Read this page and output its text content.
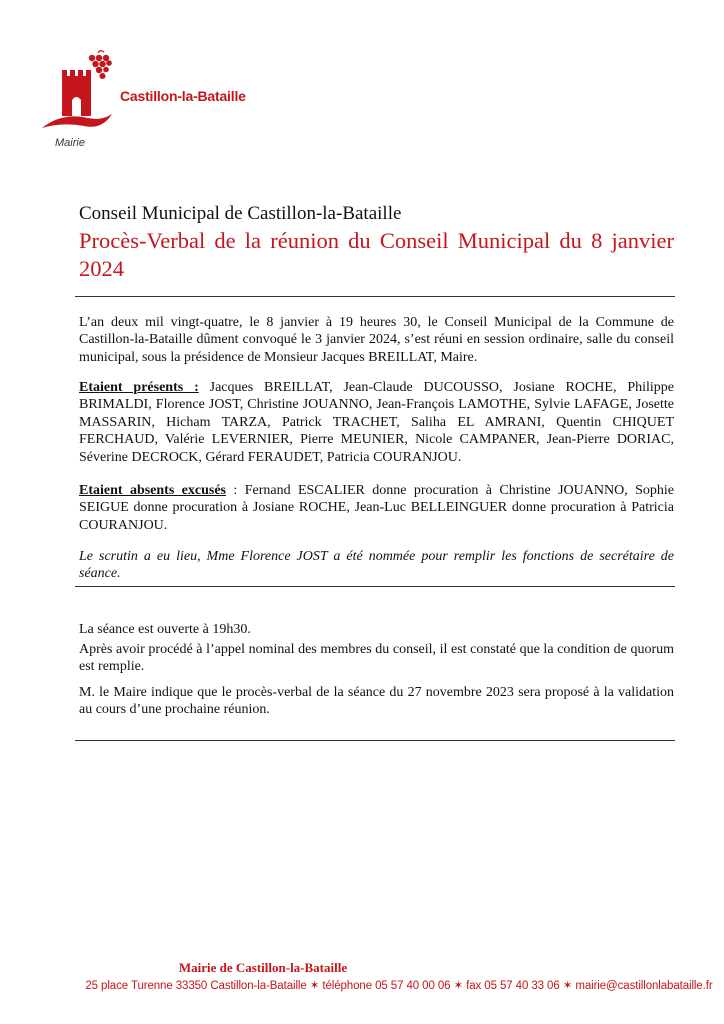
Castillon-la-Bataille
Mairie
Conseil Municipal de Castillon-la-Bataille
Procès-Verbal de la réunion du Conseil Municipal du 8 janvier 2024

L’an deux mil vingt-quatre, le 8 janvier à 19 heures 30, le Conseil Municipal de la Commune de Castillon-la-Bataille dûment convoqué le 3 janvier 2024, s’est réuni en session ordinaire, salle du conseil municipal, sous la présidence de Monsieur Jacques BREILLAT, Maire.

Etaient présents : Jacques BREILLAT, Jean-Claude DUCOUSSO, Josiane ROCHE, Philippe BRIMALDI, Florence JOST, Christine JOUANNO, Jean-François LAMOTHE, Sylvie LAFAGE, Josette MASSARIN, Hicham TARZA, Patrick TRACHET, Saliha EL AMRANI, Quentin CHIQUET FERCHAUD, Valérie LEVERNIER, Pierre MEUNIER, Nicole CAMPANER, Jean-Pierre DORIAC, Séverine DECROCK, Gérard FERAUDET, Patricia COURANJOU.

Etaient absents excusés : Fernand ESCALIER donne procuration à Christine JOUANNO, Sophie SEIGUE donne procuration à Josiane ROCHE, Jean-Luc BELLEINGUER donne procuration à Patricia COURANJOU.

Le scrutin a eu lieu, Mme Florence JOST a été nommée pour remplir les fonctions de secrétaire de séance.

La séance est ouverte à 19h30.

Après avoir procédé à l’appel nominal des membres du conseil, il est constaté que la condition de quorum est remplie.

M. le Maire indique que le procès-verbal de la séance du 27 novembre 2023 sera proposé à la validation au cours d’une prochaine réunion.

Mairie de Castillon-la-Bataille
25 place Turenne 33350 Castillon-la-Bataille ✶ téléphone 05 57 40 00 06 ✶ fax 05 57 40 33 06 ✶ mairie@castillonlabataille.fr
